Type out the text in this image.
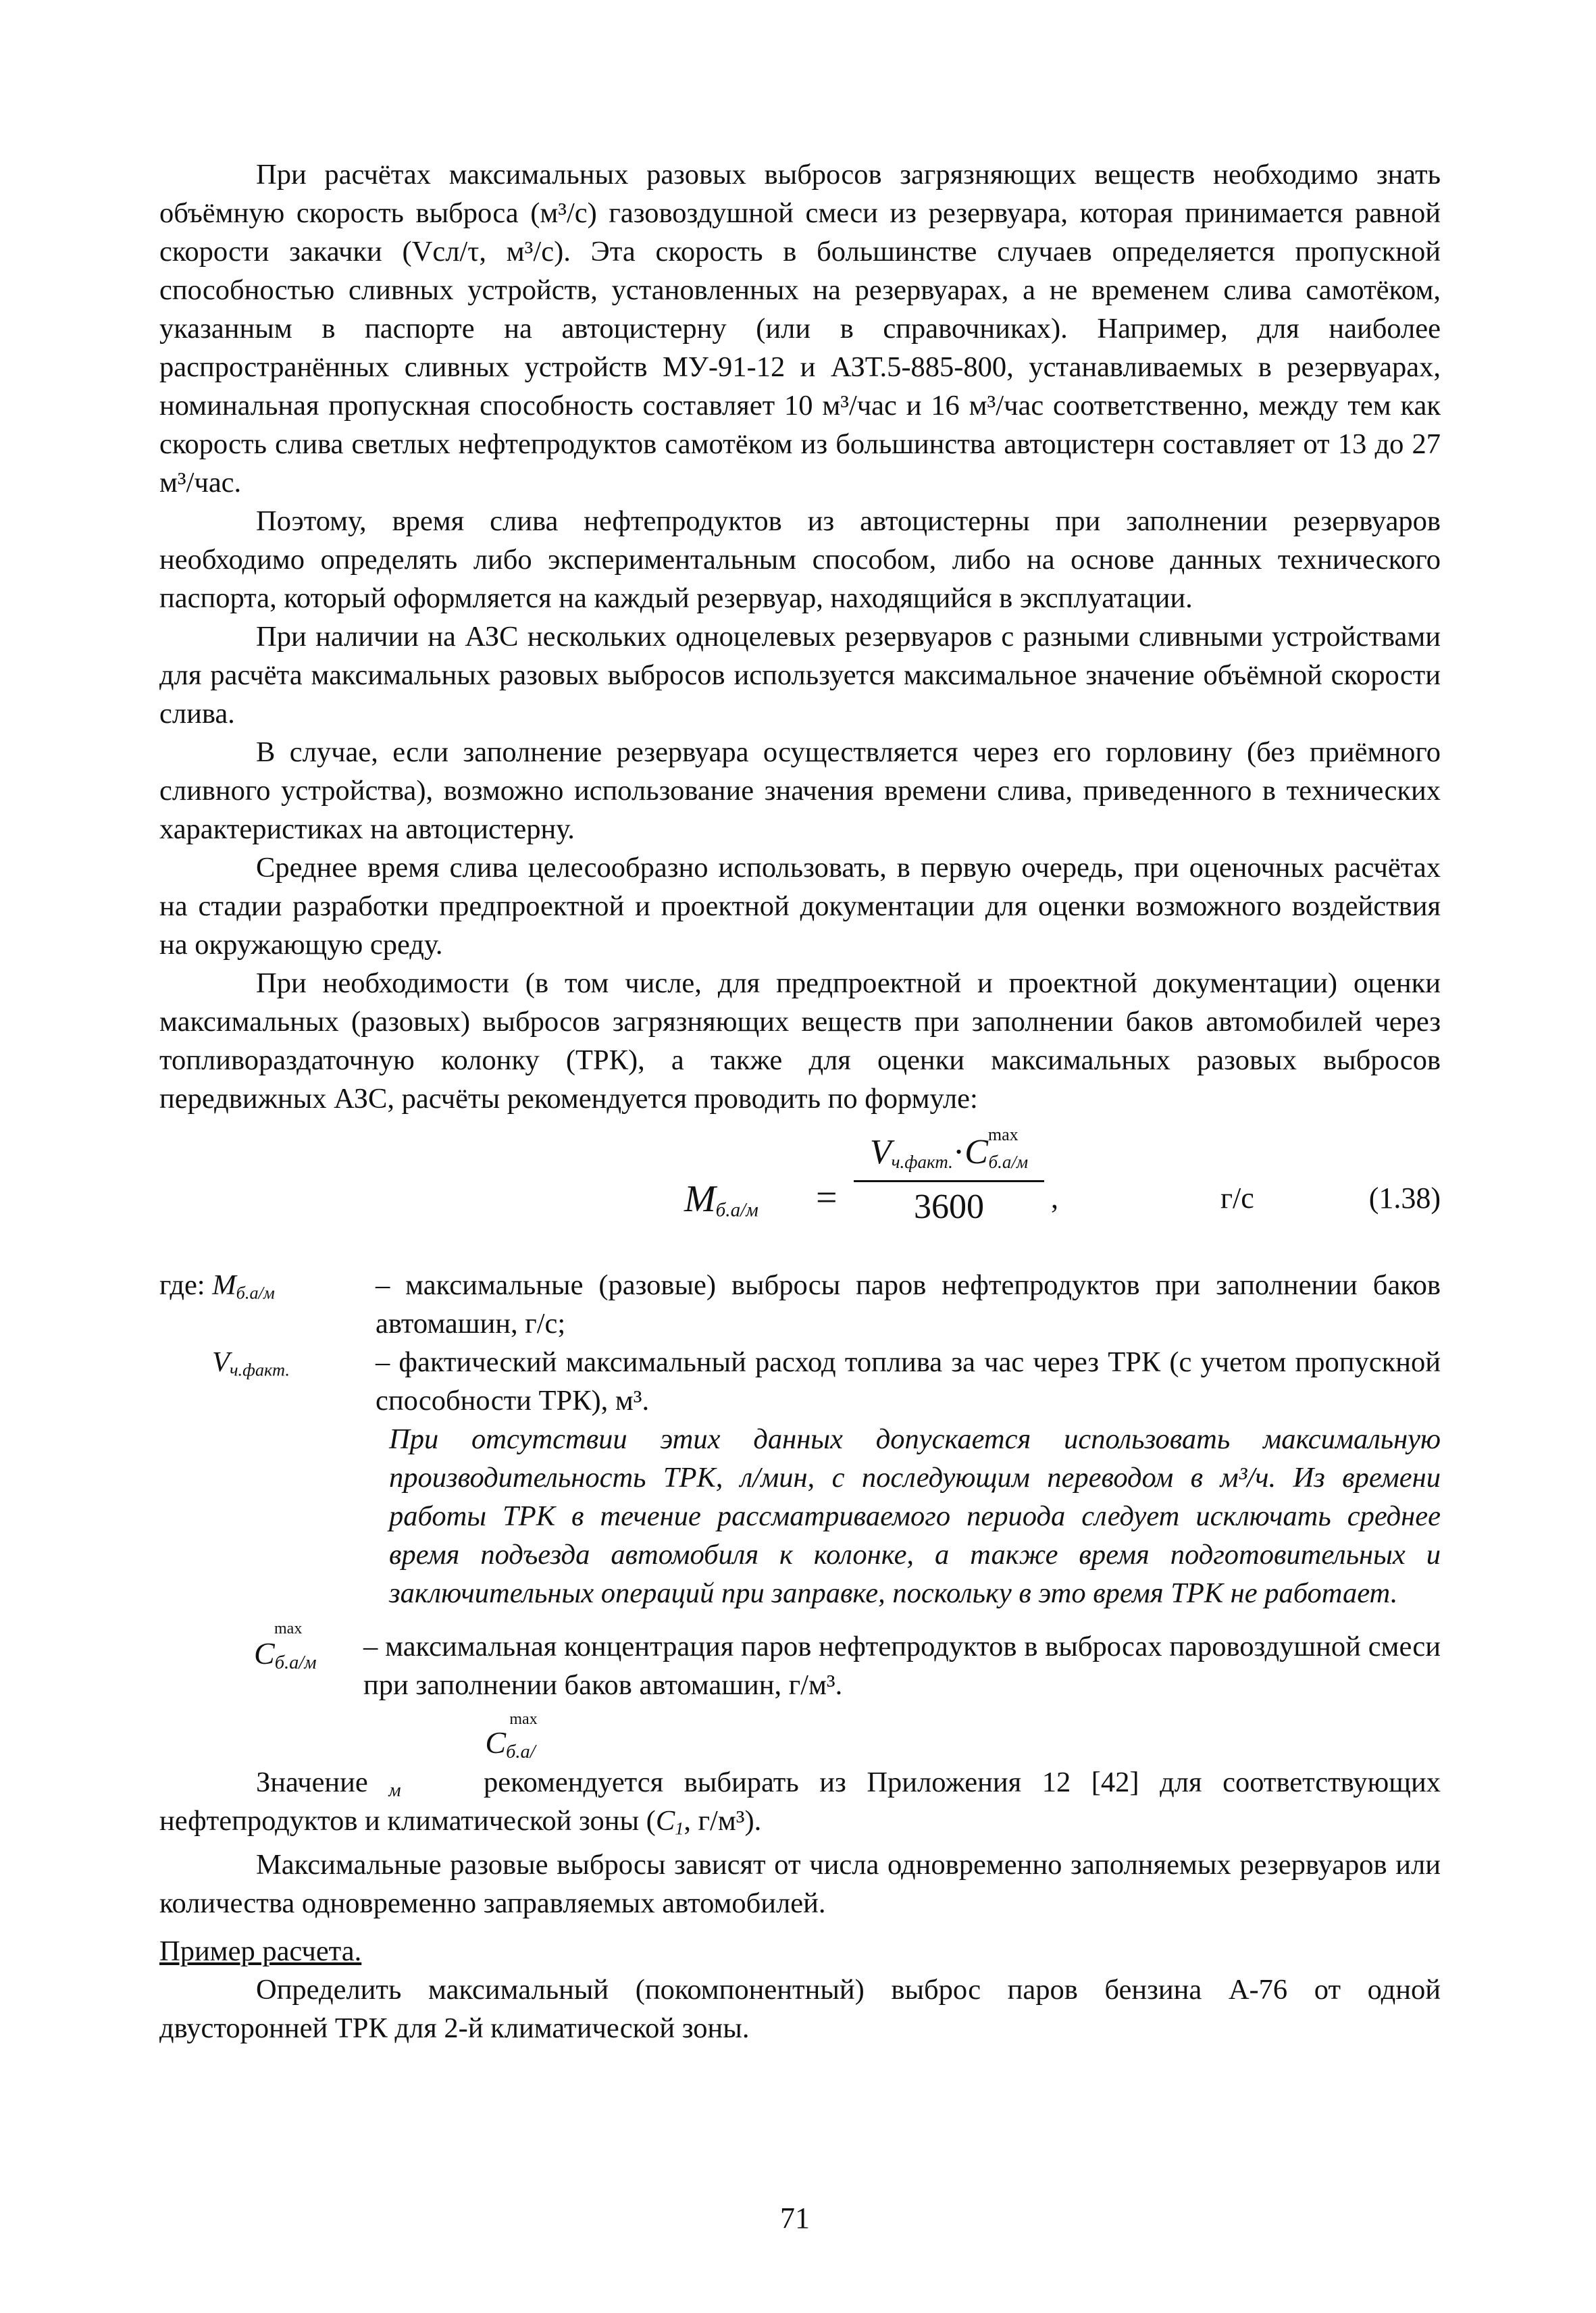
При расчётах максимальных разовых выбросов загрязняющих веществ необходимо знать объёмную скорость выброса (м³/с) газовоздушной смеси из резервуара, которая принимается равной скорости закачки (Vсл/τ, м³/с). Эта скорость в большинстве случаев определяется пропускной способностью сливных устройств, установленных на резервуарах, а не временем слива самотёком, указанным в паспорте на автоцистерну (или в справочниках). Например, для наиболее распространённых сливных устройств МУ-91-12 и АЗТ.5-885-800, устанавливаемых в резервуарах, номинальная пропускная способность составляет 10 м³/час и 16 м³/час соответственно, между тем как скорость слива светлых нефтепродуктов самотёком из большинства автоцистерн составляет от 13 до 27 м³/час.

Поэтому, время слива нефтепродуктов из автоцистерны при заполнении резервуаров необходимо определять либо экспериментальным способом, либо на основе данных технического паспорта, который оформляется на каждый резервуар, находящийся в эксплуатации.

При наличии на АЗС нескольких одноцелевых резервуаров с разными сливными устройствами для расчёта максимальных разовых выбросов используется максимальное значение объёмной скорости слива.

В случае, если заполнение резервуара осуществляется через его горловину (без приёмного сливного устройства), возможно использование значения времени слива, приведенного в технических характеристиках на автоцистерну.

Среднее время слива целесообразно использовать, в первую очередь, при оценочных расчётах на стадии разработки предпроектной и проектной документации для оценки возможного воздействия на окружающую среду.

При необходимости (в том числе, для предпроектной и проектной документации) оценки максимальных (разовых) выбросов загрязняющих веществ при заполнении баков автомобилей через топливораздаточную колонку (ТРК), а также для оценки максимальных разовых выбросов передвижных АЗС, расчёты рекомендуется проводить по формуле:

Mб.а/м =
$Vч.факт.\cdot C^{max}б.а/м$
3600	,	г/с	(1.38)

где: Mб.а/м	– максимальные (разовые) выбросы паров нефтепродуктов при заполнении баков автомашин, г/с;

Vч.факт.	– фактический максимальный расход топлива за час через ТРК (с учетом пропускной способности ТРК), м³.

При отсутствии этих данных допускается использовать максимальную производительность ТРК, л/мин, с последующим переводом в м³/ч. Из времени работы ТРК в течение рассматриваемого периода следует исключать среднее время подъезда автомобиля к колонке, а также время подготовительных и заключительных операций при заправке, поскольку в это время ТРК не работает.

C
max
б.а/м
– максимальная концентрация паров нефтепродуктов в выбросах паровоздушной смеси при заполнении баков автомашин, г/м³.

Значение C
max
б.а/м	рекомендуется выбирать из Приложения 12 [42] для соответствующих нефтепродуктов и климатической зоны (C1, г/м³).

Максимальные разовые выбросы зависят от числа одновременно заполняемых резервуаров или количества одновременно заправляемых автомобилей.

Пример расчета.

Определить максимальный (покомпонентный) выброс паров бензина А-76 от одной двусторонней ТРК для 2-й климатической зоны.

71
